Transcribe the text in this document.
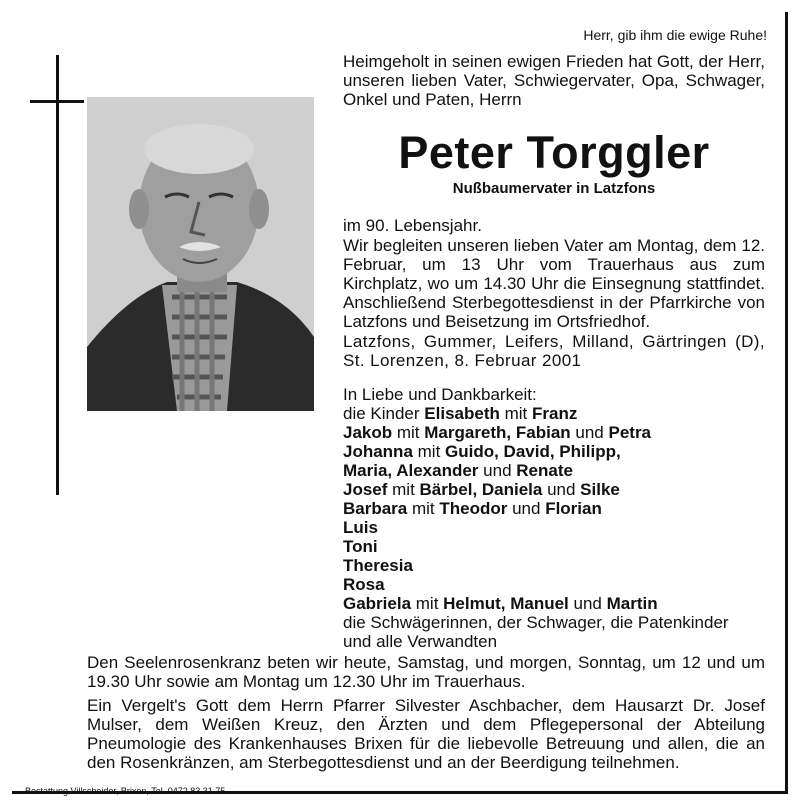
Herr, gib ihm die ewige Ruhe!
Heimgeholt in seinen ewigen Frieden hat Gott, der Herr, unseren lieben Vater, Schwiegervater, Opa, Schwager, Onkel und Paten, Herrn
Peter Torggler
Nußbaumervater in Latzfons
im 90. Lebensjahr.
Wir begleiten unseren lieben Vater am Montag, dem 12. Februar, um 13 Uhr vom Trauerhaus aus zum Kirchplatz, wo um 14.30 Uhr die Einsegnung stattfindet. Anschließend Sterbegottesdienst in der Pfarrkirche von Latzfons und Beisetzung im Ortsfriedhof.
Latzfons, Gummer, Leifers, Milland, Gärtringen (D), St. Lorenzen, 8. Februar 2001
In Liebe und Dankbarkeit:
die Kinder Elisabeth mit Franz
Jakob mit Margareth, Fabian und Petra
Johanna mit Guido, David, Philipp,
Maria, Alexander und Renate
Josef mit Bärbel, Daniela und Silke
Barbara mit Theodor und Florian
Luis
Toni
Theresia
Rosa
Gabriela mit Helmut, Manuel und Martin
die Schwägerinnen, der Schwager, die Patenkinder
und alle Verwandten
Den Seelenrosenkranz beten wir heute, Samstag, und morgen, Sonntag, um 12 und um 19.30 Uhr sowie am Montag um 12.30 Uhr im Trauerhaus.
Ein Vergelt's Gott dem Herrn Pfarrer Silvester Aschbacher, dem Hausarzt Dr. Josef Mulser, dem Weißen Kreuz, den Ärzten und dem Pflegepersonal der Abteilung Pneumologie des Krankenhauses Brixen für die liebevolle Betreuung und allen, die an den Rosenkränzen, am Sterbegottesdienst und an der Beerdigung teilnehmen.
Bestattung Villscheider, Brixen, Tel. 0472 83 31 75
